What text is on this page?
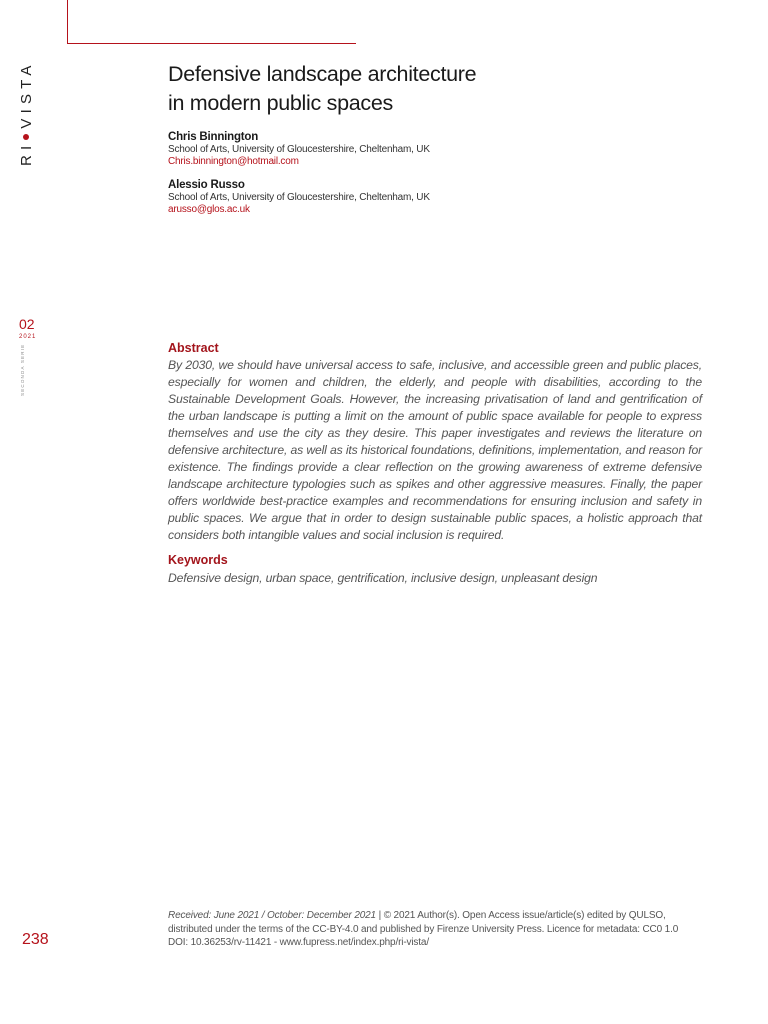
RIVISTA
02
2021
SECONDA SERIE
Defensive landscape architecture
in modern public spaces
Chris Binnington
School of Arts, University of Gloucestershire, Cheltenham, UK
Chris.binnington@hotmail.com
Alessio Russo
School of Arts, University of Gloucestershire, Cheltenham, UK
arusso@glos.ac.uk
Abstract

By 2030, we should have universal access to safe, inclusive, and accessible green and public places, especially for women and children, the elderly, and people with disabilities, according to the Sustainable Development Goals. However, the increasing privatisation of land and gentrification of the urban landscape is putting a limit on the amount of public space available for people to express themselves and use the city as they desire. This paper investigates and reviews the literature on defensive architecture, as well as its historical foundations, definitions, implementation, and reason for existence. The findings provide a clear reflection on the growing awareness of extreme defensive landscape architecture typologies such as spikes and other aggressive measures. Finally, the paper offers worldwide best-practice examples and recommendations for ensuring inclusion and safety in public spaces. We argue that in order to design sustainable public spaces, a holistic approach that considers both intangible values and social inclusion is required.

Keywords
Defensive design, urban space, gentrification, inclusive design, unpleasant design
Received: June 2021 / October: December 2021 | © 2021 Author(s). Open Access issue/article(s) edited by QULSO,
distributed under the terms of the CC-BY-4.0 and published by Firenze University Press. Licence for metadata: CC0 1.0
DOI: 10.36253/rv-11421 - www.fupress.net/index.php/ri-vista/
238
